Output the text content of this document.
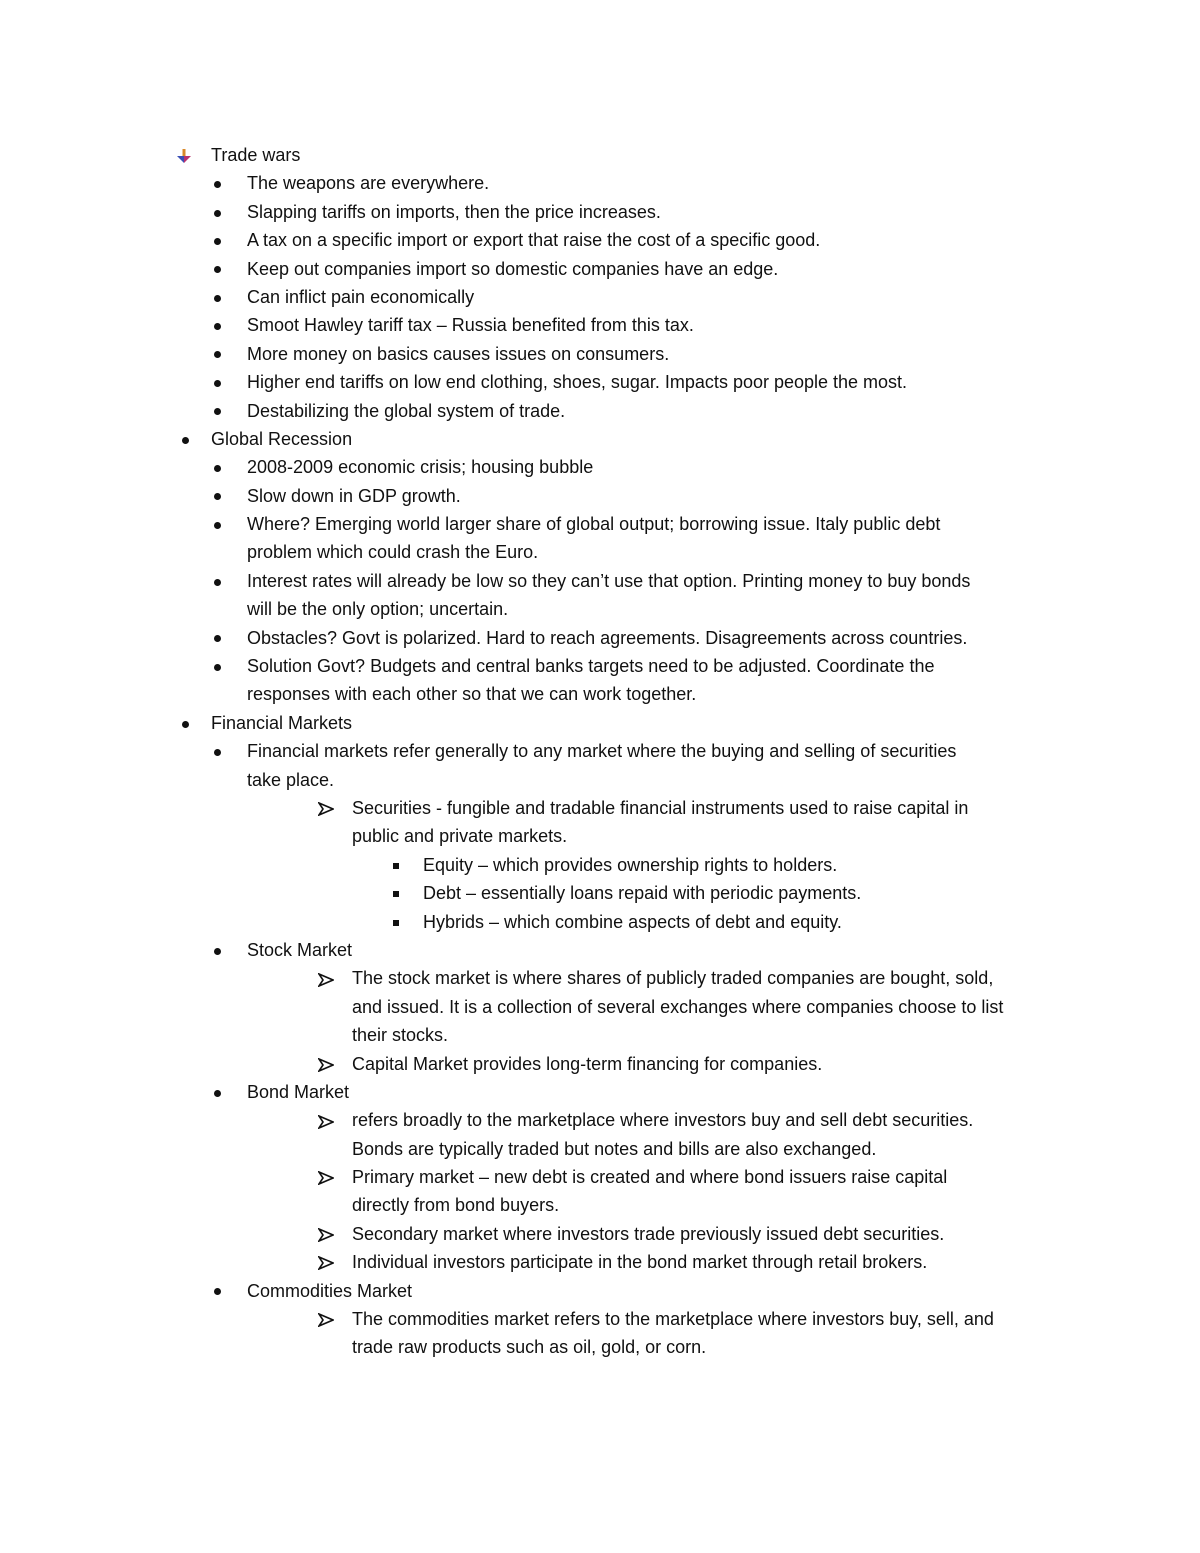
Trade wars
The weapons are everywhere.
Slapping tariffs on imports, then the price increases.
A tax on a specific import or export that raise the cost of a specific good.
Keep out companies import so domestic companies have an edge.
Can inflict pain economically
Smoot Hawley tariff tax – Russia benefited from this tax.
More money on basics causes issues on consumers.
Higher end tariffs on low end clothing, shoes, sugar. Impacts poor people the most.
Destabilizing the global system of trade.
Global Recession
2008-2009 economic crisis; housing bubble
Slow down in GDP growth.
Where? Emerging world larger share of global output; borrowing issue. Italy public debt
problem which could crash the Euro.
Interest rates will already be low so they can’t use that option. Printing money to buy bonds
will be the only option; uncertain.
Obstacles? Govt is polarized. Hard to reach agreements. Disagreements across countries.
Solution Govt? Budgets and central banks targets need to be adjusted. Coordinate the
responses with each other so that we can work together.
Financial Markets
Financial markets refer generally to any market where the buying and selling of securities
take place.
Securities - fungible and tradable financial instruments used to raise capital in
public and private markets.
Equity – which provides ownership rights to holders.
Debt – essentially loans repaid with periodic payments.
Hybrids – which combine aspects of debt and equity.
Stock Market
The stock market is where shares of publicly traded companies are bought, sold,
and issued. It is a collection of several exchanges where companies choose to list
their stocks.
Capital Market provides long-term financing for companies.
Bond Market
refers broadly to the marketplace where investors buy and sell debt securities.
Bonds are typically traded but notes and bills are also exchanged.
Primary market – new debt is created and where bond issuers raise capital
directly from bond buyers.
Secondary market where investors trade previously issued debt securities.
Individual investors participate in the bond market through retail brokers.
Commodities Market
The commodities market refers to the marketplace where investors buy, sell, and
trade raw products such as oil, gold, or corn.
